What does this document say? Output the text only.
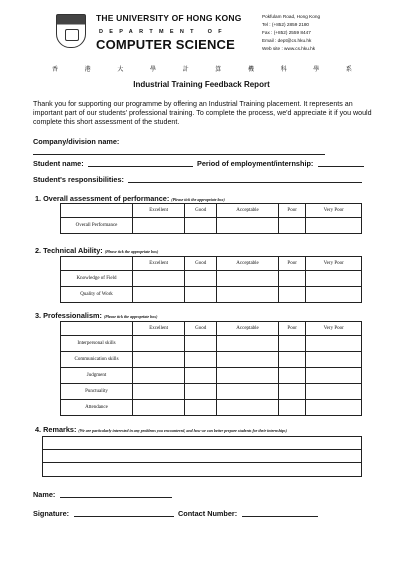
THE UNIVERSITY OF HONG KONG
DEPARTMENT OF
COMPUTER SCIENCE
Pokfulam Road, Hong Kong
Tel : (+852) 2859 2180
Fax : (+852) 2559 8447
Email : dept@cs.hku.hk
Web site : www.cs.hku.hk
香	港	大	學	計	算	機	科	學	系
Industrial Training Feedback Report
Thank you for supporting our programme by offering an Industrial Training placement. It represents an important part of our students' professional training. To complete the process, we'd appreciate it if you would complete this short assessment of the student.
Company/division name:
Student name:	Period of employment/internship:
Student's responsibilities:
1. Overall assessment of performance: (Please tick the appropriate box)
	Excellent	Good	Acceptable	Poor	Very Poor
Overall Performance					
2. Technical Ability: (Please tick the appropriate box)
	Excellent	Good	Acceptable	Poor	Very Poor
Knowledge of Field					
Quality of Work					
3. Professionalism: (Please tick the appropriate box)
	Excellent	Good	Acceptable	Poor	Very Poor
Interpersonal skills					
Communication skills					
Judgment					
Punctuality					
Attendance					
4. Remarks: (We are particularly interested in any problems you encountered, and how we can better prepare students for their internships)
Name:
Signature:	Contact Number:
